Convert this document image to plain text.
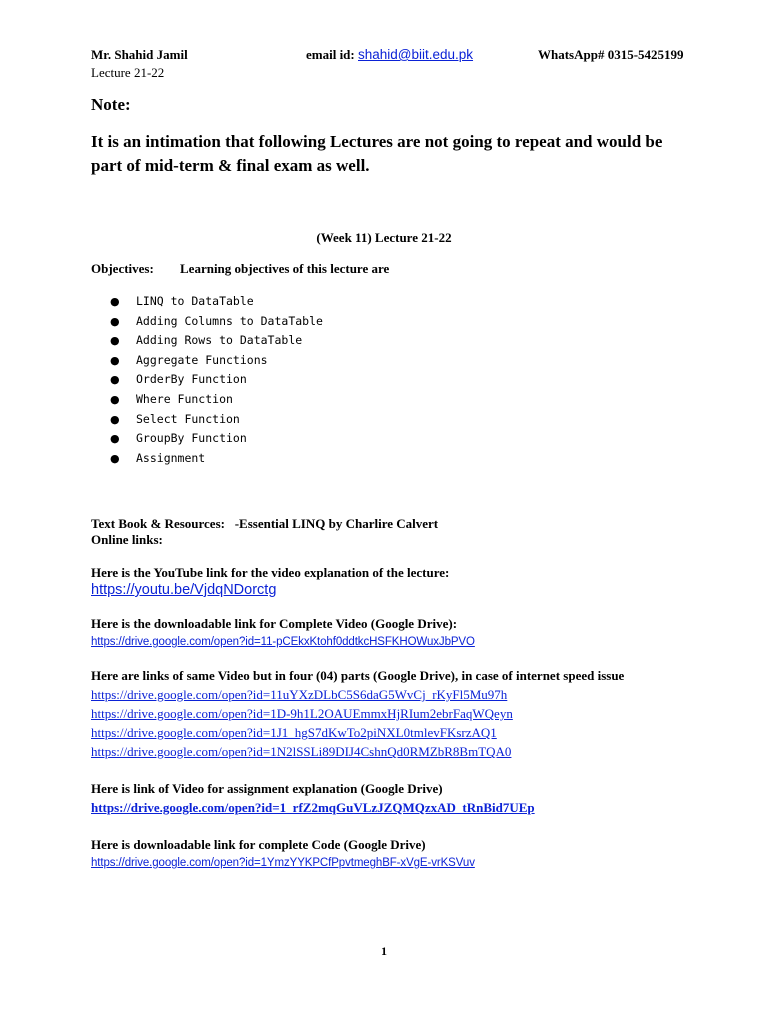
Mr. Shahid Jamil	email id: shahid@biit.edu.pk	WhatsApp# 0315-5425199
Lecture 21-22
Note:
It is an intimation that following Lectures are not going to repeat and would be part of mid-term & final exam as well.
(Week 11) Lecture 21-22
Objectives: Learning objectives of this lecture are
● LINQ to DataTable
● Adding Columns to DataTable
● Adding Rows to DataTable
● Aggregate Functions
● OrderBy Function
● Where Function
● Select Function
● GroupBy Function
● Assignment
Text Book & Resources:   -Essential LINQ by Charlire Calvert
Online links:
Here is the YouTube link for the video explanation of the lecture:
https://youtu.be/VjdqNDorctg
Here is the downloadable link for Complete Video (Google Drive):
https://drive.google.com/open?id=11-pCEkxKtohf0ddtkcHSFKHOWuxJbPVO
Here are links of same Video but in four (04) parts (Google Drive), in case of internet speed issue
https://drive.google.com/open?id=11uYXzDLbC5S6daG5WvCj_rKyFl5Mu97h
https://drive.google.com/open?id=1D-9h1L2OAUEmmxHjRIum2ebrFaqWQeyn
https://drive.google.com/open?id=1J1_hgS7dKwTo2piNXL0tmlevFKsrzAQ1
https://drive.google.com/open?id=1N2lSSLi89DIJ4CshnQd0RMZbR8BmTQA0
Here is link of Video for assignment explanation (Google Drive)
https://drive.google.com/open?id=1_rfZ2mqGuVLzJZQMQzxAD_tRnBid7UEp
Here is downloadable link for complete Code (Google Drive)
https://drive.google.com/open?id=1YmzYYKPCfPpvtmeghBF-xVgE-vrKSVuv
1
